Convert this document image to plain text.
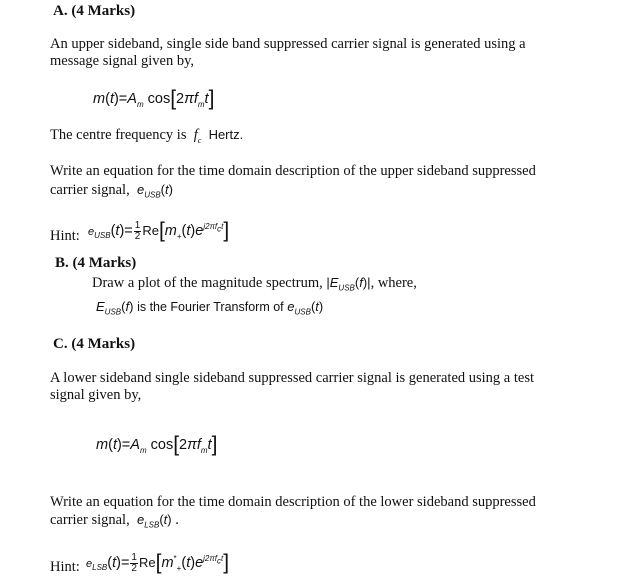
A. (4 Marks)
An upper sideband, single side band suppressed carrier signal is generated using a
message signal given by,
$m(t)=A_m$ $\cos[2\pi f_mt]$
The centre frequency is  $f_c$ Hertz.
Write an equation for the time domain description of the upper sideband suppressed
carrier signal,  $e_{USB}(t)$
Hint: $e_{USB}(t)= \frac{1}{2} Re[m_+(t)e^{j2\pi f_ct}]$
B. (4 Marks)
Draw a plot of the magnitude spectrum, $|E_{USB}(f)|$, where,
$E_{USB}(f)$ is the Fourier Transform of $e_{USB}(t)$
C. (4 Marks)
A lower sideband single sideband suppressed carrier signal is generated using a test
signal given by,
$m(t)=A_m$ $\cos[2\pi f_mt]$
Write an equation for the time domain description of the lower sideband suppressed
carrier signal,  $e_{LSB}(t)$ .
Hint: $e_{LSB}(t)= \frac{1}{2} Re[m^*_+(t)e^{j2\pi f_ct}]$
